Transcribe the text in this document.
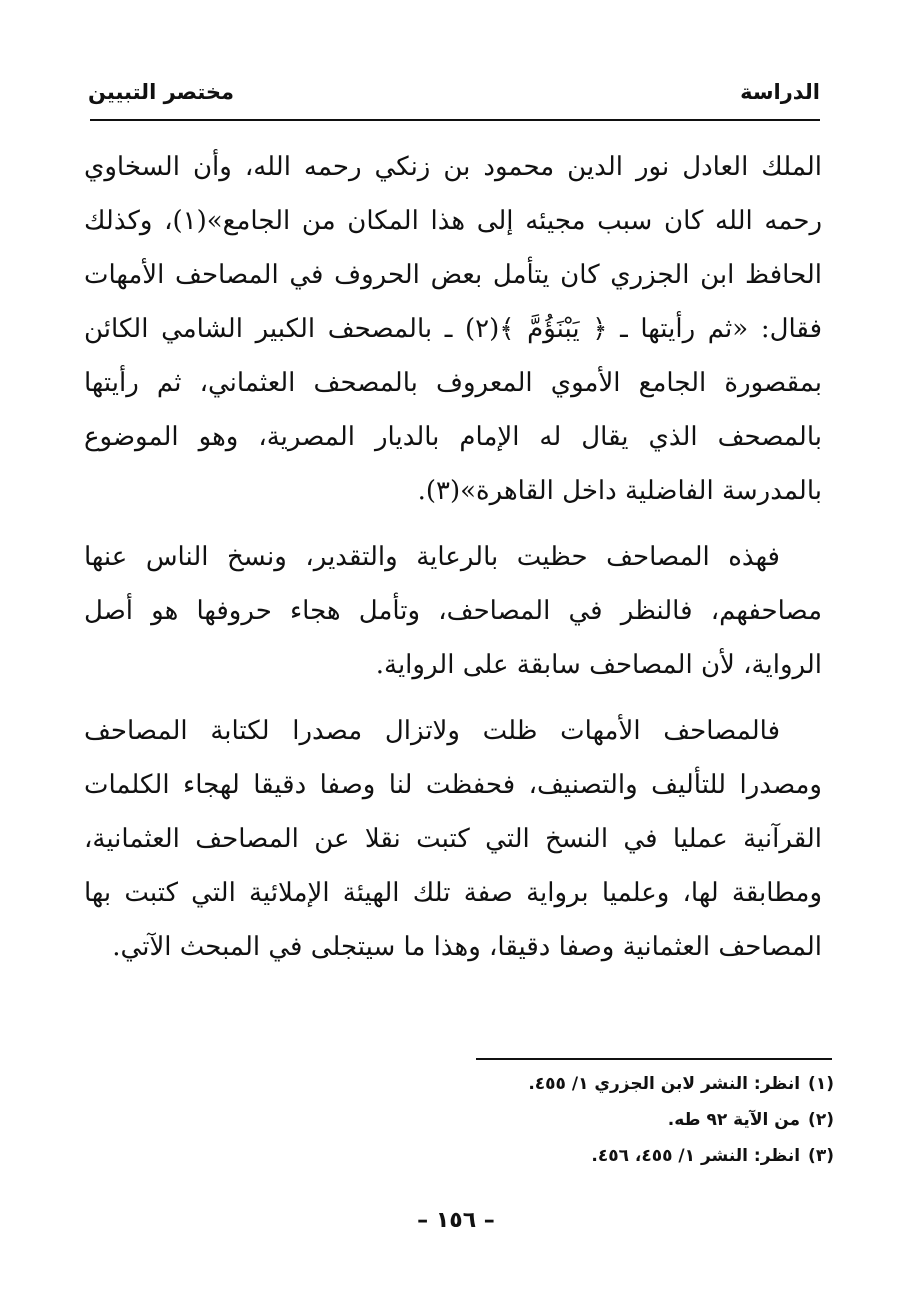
الدراسة
مختصر التبيين

الملك العادل نور الدين محمود بن زنكي رحمه الله، وأن السخاوي رحمه الله كان سبب مجيئه إلى هذا المكان من الجامع»(١)، وكذلك الحافظ ابن الجزري كان يتأمل بعض الحروف في المصاحف الأمهات فقال: «ثم رأيتها ـ ﴿ يَبْنَؤُمَّ ﴾(٢) ـ بالمصحف الكبير الشامي الكائن بمقصورة الجامع الأموي المعروف بالمصحف العثماني، ثم رأيتها بالمصحف الذي يقال له الإمام بالديار المصرية، وهو الموضوع بالمدرسة الفاضلية داخل القاهرة»(٣).

فهذه المصاحف حظيت بالرعاية والتقدير، ونسخ الناس عنها مصاحفهم، فالنظر في المصاحف، وتأمل هجاء حروفها هو أصل الرواية، لأن المصاحف سابقة على الرواية.

فالمصاحف الأمهات ظلت ولاتزال مصدرا لكتابة المصاحف ومصدرا للتأليف والتصنيف، فحفظت لنا وصفا دقيقا لهجاء الكلمات القرآنية عمليا في النسخ التي كتبت نقلا عن المصاحف العثمانية، ومطابقة لها، وعلميا برواية صفة تلك الهيئة الإملائية التي كتبت بها المصاحف العثمانية وصفا دقيقا، وهذا ما سيتجلى في المبحث الآتي.

(١)
انظر: النشر لابن الجزري ١/ ٤٥٥.
(٢)
من الآية ٩٢ طه.
(٣)
انظر: النشر ١/ ٤٥٥، ٤٥٦.
– ١٥٦ –
